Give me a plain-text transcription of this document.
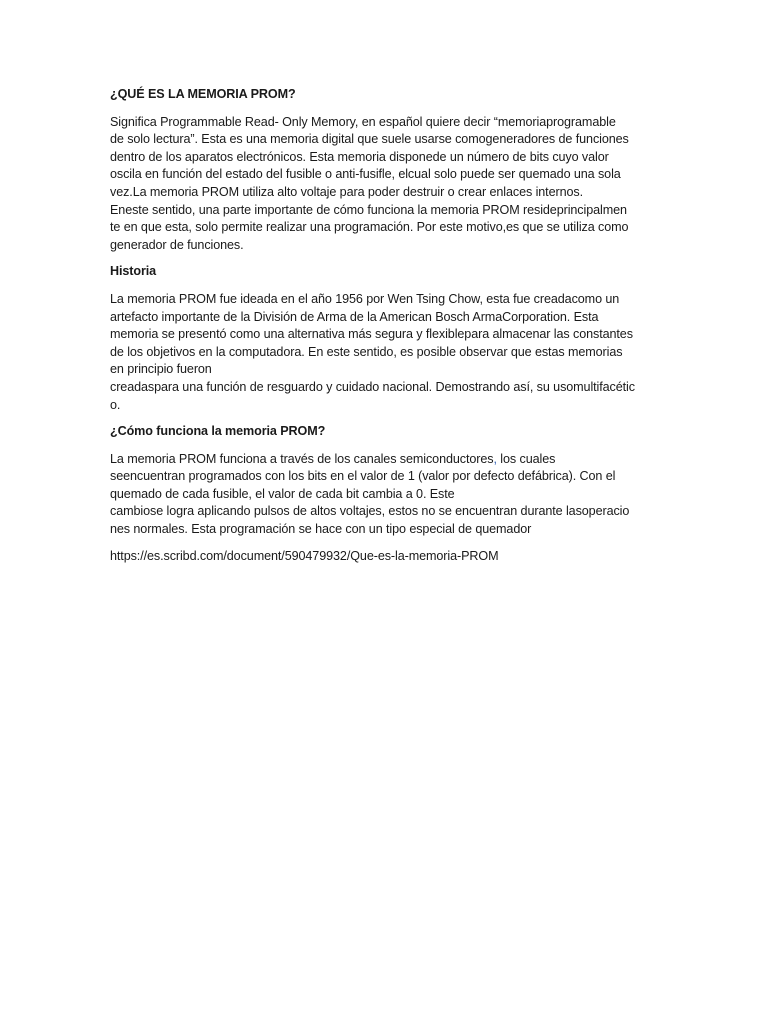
¿QUÉ ES LA MEMORIA PROM?
Significa Programmable Read- Only Memory, en español quiere decir “memoriaprogramable
de solo lectura”. Esta es una memoria digital que suele usarse comogeneradores de funciones
dentro de los aparatos electrónicos. Esta memoria disponede un número de bits cuyo valor
oscila en función del estado del fusible o anti-fusifle, elcual solo puede ser quemado una sola
vez.La memoria PROM utiliza alto voltaje para poder destruir o crear enlaces internos.
Eneste sentido, una parte importante de cómo funciona la memoria PROM resideprincipalmen
te en que esta, solo permite realizar una programación. Por este motivo,es que se utiliza como
generador de funciones.
Historia
La memoria PROM fue ideada en el año 1956 por Wen Tsing Chow, esta fue creadacomo un
artefacto importante de la División de Arma de la American Bosch ArmaCorporation. Esta
memoria se presentó como una alternativa más segura y flexiblepara almacenar las constantes
de los objetivos en la computadora. En este sentido, es posible observar que estas memorias
en principio fueron
creadaspara una función de resguardo y cuidado nacional. Demostrando así, su usomultifacétic
o.
¿Cómo funciona la memoria PROM?
La memoria PROM funciona a través de los canales semiconductores, los cuales
seencuentran programados con los bits en el valor de 1 (valor por defecto defábrica). Con el
quemado de cada fusible, el valor de cada bit cambia a 0. Este
cambiose logra aplicando pulsos de altos voltajes, estos no se encuentran durante lasoperacio
nes normales. Esta programación se hace con un tipo especial de quemador
https://es.scribd.com/document/590479932/Que-es-la-memoria-PROM
